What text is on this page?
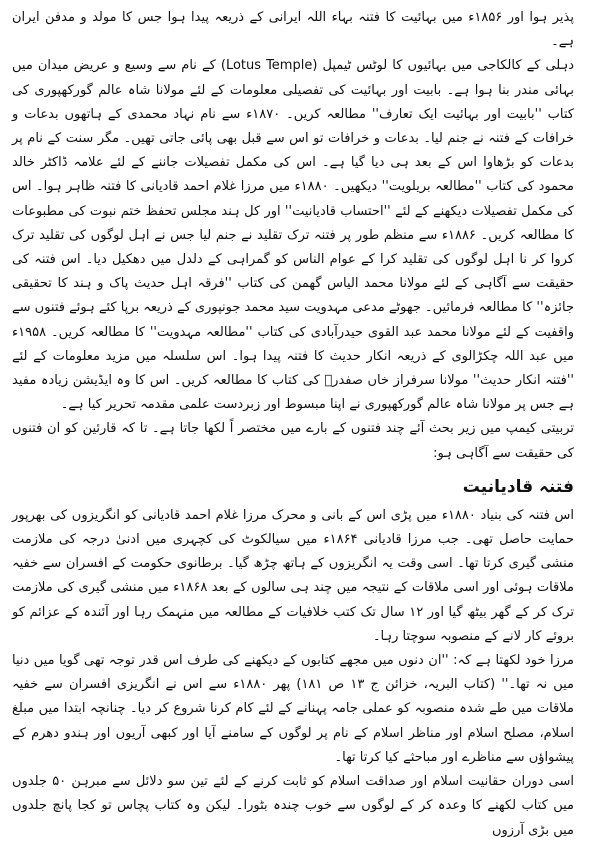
پذیر ہوا اور ۱۸۵۶ء میں بہائیت کا فتنہ بہاء اللہ ایرانی کے ذریعہ پیدا ہوا جس کا مولد و مدفن ایران ہے۔

دہلی کے کالکاجی میں بہائیوں کا لوٹس ٹیمپل (Lotus Temple) کے نام سے وسیع و عریض میدان میں بہائی مندر بنا ہوا ہے۔ بابیت اور بہائیت کی تفصیلی معلومات کے لئے مولانا شاہ عالم گورکھپوری کی کتاب ''بابیت اور بہائیت ایک تعارف'' مطالعہ کریں۔ ۱۸۷۰ء سے نام نہاد محمدی کے ہاتھوں بدعات و خرافات کے فتنہ نے جنم لیا۔ بدعات و خرافات تو اس سے قبل بھی پائی جاتی تھیں۔ مگر سنت کے نام پر بدعات کو بڑھاوا اس کے بعد ہی دیا گیا ہے۔ اس کی مکمل تفصیلات جاننے کے لئے علامہ ڈاکٹر خالد محمود کی کتاب ''مطالعہ بریلویت'' دیکھیں۔ ۱۸۸۰ء میں مرزا غلام احمد قادیانی کا فتنہ ظاہر ہوا۔ اس کی مکمل تفصیلات دیکھنے کے لئے ''احتساب قادیانیت'' اور کل ہند مجلس تحفظ ختم نبوت کی مطبوعات کا مطالعہ کریں۔ ۱۸۸۶ء سے منظم طور پر فتنہ ترک تقلید نے جنم لیا جس نے اہل لوگوں کی تقلید ترک کروا کر نا اہل لوگوں کی تقلید کرا کے عوام الناس کو گمراہی کے دلدل میں دھکیل دیا۔ اس فتنہ کی حقیقت سے آگاہی کے لئے مولانا محمد الیاس گھمن کی کتاب ''فرقہ اہل حدیث پاک و ہند کا تحقیقی جائزہ'' کا مطالعہ فرمائیں۔ جھوٹے مدعی مہدویت سید محمد جونپوری کے ذریعہ برپا کئے ہوئے فتنوں سے واقفیت کے لئے مولانا محمد عبد القوی حیدرآبادی کی کتاب ''مطالعہ مہدویت'' کا مطالعہ کریں۔ ۱۹۵۸ء میں عبد اللہ چکڑالوی کے ذریعہ انکار حدیث کا فتنہ پیدا ہوا۔ اس سلسلہ میں مزید معلومات کے لئے ''فتنہ انکار حدیث'' مولانا سرفراز خاں صفدرؒ کی کتاب کا مطالعہ کریں۔ اس کا وہ ایڈیشن زیادہ مفید ہے جس پر مولانا شاہ عالم گورکھپوری نے اپنا مبسوط اور زبردست علمی مقدمہ تحریر کیا ہے۔

تربیتی کیمپ میں زیر بحث آئے چند فتنوں کے بارے میں مختصر اً لکھا جاتا ہے۔ تا کہ قارئین کو ان فتنوں کی حقیقت سے آگاہی ہو:

فتنہ قادیانیت

اس فتنہ کی بنیاد ۱۸۸۰ء میں پڑی اس کے بانی و محرک مرزا غلام احمد قادیانی کو انگریزوں کی بھرپور حمایت حاصل تھی۔ جب مرزا قادیانی ۱۸۶۴ء میں سیالکوٹ کی کچہری میں ادنیٰ درجہ کی ملازمت منشی گیری کرتا تھا۔ اسی وقت یہ انگریزوں کے ہاتھ چڑھ گیا۔ برطانوی حکومت کے افسران سے خفیہ ملاقات ہوئی اور اسی ملاقات کے نتیجہ میں چند ہی سالوں کے بعد ۱۸۶۸ء میں منشی گیری کی ملازمت ترک کر کے گھر بیٹھ گیا اور ۱۲ سال تک کتب خلافیات کے مطالعہ میں منہمک رہا اور آئندہ کے عزائم کو بروئے کار لانے کے منصوبہ سوچتا رہا۔

مرزا خود لکھتا ہے کہ: ''ان دنوں میں مجھے کتابوں کے دیکھنے کی طرف اس قدر توجہ تھی گویا میں دنیا میں نہ تھا۔'' (کتاب البریہ، خزائن ج ۱۳ ص ۱۸۱) پھر ۱۸۸۰ء سے اس نے انگریزی افسران سے خفیہ ملاقات میں طے شدہ منصوبہ کو عملی جامہ پہنانے کے لئے کام کرنا شروع کر دیا۔ چنانچہ ابتدا میں مبلغ اسلام، مصلح اسلام اور مناظر اسلام کے نام پر لوگوں کے سامنے آیا اور کبھی آریوں اور ہندو دھرم کے پیشواؤں سے مناظرے اور مباحثے کیا کرتا تھا۔

اسی دوران حقانیت اسلام اور صداقت اسلام کو ثابت کرنے کے لئے تین سو دلائل سے مبرہن ۵۰ جلدوں میں کتاب لکھنے کا وعدہ کر کے لوگوں سے خوب چندہ بٹورا۔ لیکن وہ کتاب پچاس تو کجا پانچ جلدوں میں بڑی آرزوں
